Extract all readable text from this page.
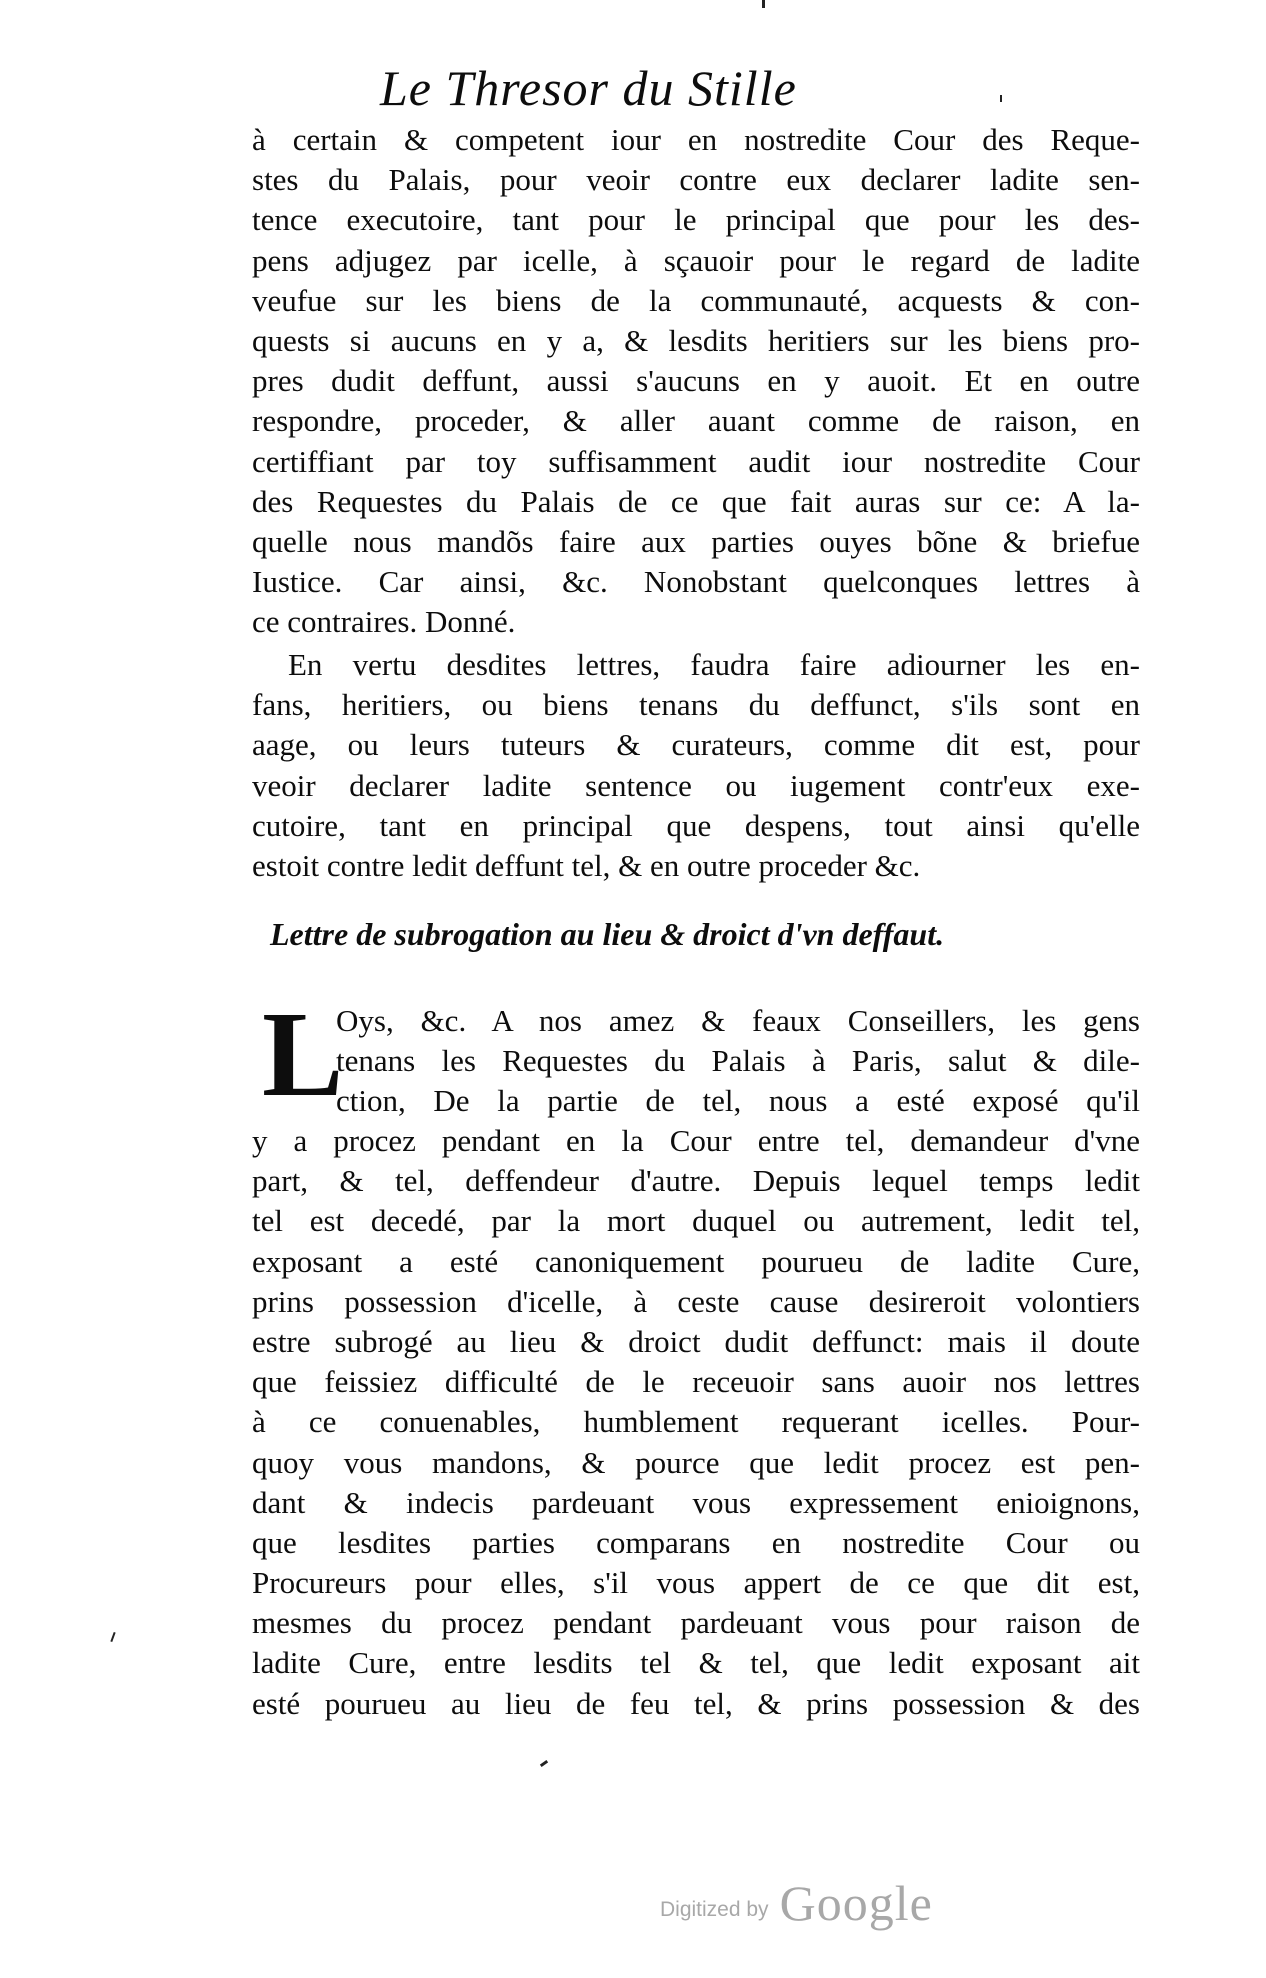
Le Thresor du Stille
à certain & competent iour en nostredite Cour des Reque-
stes du Palais, pour veoir contre eux declarer ladite sen-
tence executoire, tant pour le principal que pour les des-
pens adjugez par icelle, à sçauoir pour le regard de ladite
veufue sur les biens de la communauté, acquests & con-
quests si aucuns en y a, & lesdits heritiers sur les biens pro-
pres dudit deffunt, aussi s'aucuns en y auoit. Et en outre
respondre, proceder, & aller auant comme de raison, en
certiffiant par toy suffisamment audit iour nostredite Cour
des Requestes du Palais de ce que fait auras sur ce: A la-
quelle nous mandõs faire aux parties ouyes bõne & briefue
Iustice. Car ainsi, &c. Nonobstant quelconques lettres à
ce contraires. Donné.
En vertu desdites lettres, faudra faire adiourner les en-
fans, heritiers, ou biens tenans du deffunct, s'ils sont en
aage, ou leurs tuteurs & curateurs, comme dit est, pour
veoir declarer ladite sentence ou iugement contr'eux exe-
cutoire, tant en principal que despens, tout ainsi qu'elle
estoit contre ledit deffunt tel, & en outre proceder &c.
Lettre de subrogation au lieu & droict d'vn deffaut.
L
Oys, &c. A nos amez & feaux Conseillers, les gens
tenans les Requestes du Palais à Paris, salut & dile-
ction, De la partie de tel, nous a esté exposé qu'il
y a procez pendant en la Cour entre tel, demandeur d'vne
part, & tel, deffendeur d'autre. Depuis lequel temps ledit
tel est decedé, par la mort duquel ou autrement, ledit tel,
exposant a esté canoniquement pourueu de ladite Cure,
prins possession d'icelle, à ceste cause desireroit volontiers
estre subrogé au lieu & droict dudit deffunct: mais il doute
que feissiez difficulté de le receuoir sans auoir nos lettres
à ce conuenables, humblement requerant icelles. Pour-
quoy vous mandons, & pource que ledit procez est pen-
dant & indecis pardeuant vous expressement enioignons,
que lesdites parties comparans en nostredite Cour ou
Procureurs pour elles, s'il vous appert de ce que dit est,
mesmes du procez pendant pardeuant vous pour raison de
ladite Cure, entre lesdits tel & tel, que ledit exposant ait
esté pourueu au lieu de feu tel, & prins possession & des
Digitized by Google
